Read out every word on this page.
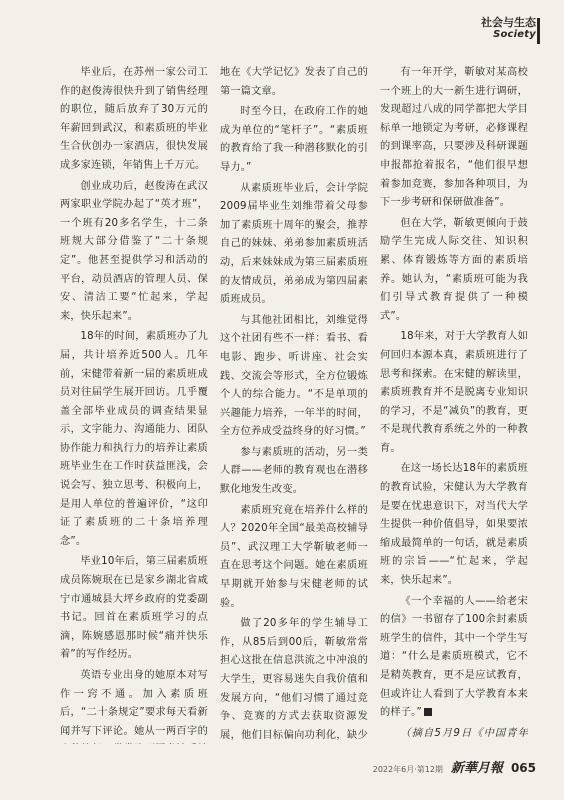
社会与生态
Society

毕业后，在苏州一家公司工作的赵俊涛很快升到了销售经理的职位，随后放弃了30万元的年薪回到武汉，和素质班的毕业生合伙创办一家酒店，很快发展成多家连锁，年销售上千万元。

创业成功后，赵俊涛在武汉两家职业学院办起了“英才班”，一个班有20多名学生，十二条班规大部分借鉴了“二十条规定”。他甚至提供学习和活动的平台，动员酒店的管理人员、保安、清洁工要“忙起来，学起来，快乐起来”。

18年的时间，素质班办了九届，共计培养近500人。几年前，宋健带着新一届的素质班成员对往届学生展开回访。几乎覆盖全部毕业成员的调查结果显示，文字能力、沟通能力、团队协作能力和执行力的培养让素质班毕业生在工作时获益匪浅，会说会写、独立思考、积极向上，是用人单位的普遍评价，“这印证了素质班的二十条培养理念”。

毕业10年后，第三届素质班成员陈婉珉在已是家乡湖北省咸宁市通城县大坪乡政府的党委副书记。回首在素质班学习的点滴，陈婉感恩那时候“痛并快乐着”的写作经历。

英语专业出身的她原本对写作一窍不通。加入素质班后，“二十条规定”要求每天看新闻并写下评论。她从一两百字的

地在《大学记忆》发表了自己的第一篇文章。

时至今日，在政府工作的她成为单位的“笔杆子”。“素质班的教育给了我一种潜移默化的引导力。”

从素质班毕业后，会计学院2009届毕业生刘维带着父母参加了素质班十周年的聚会，推荐自己的妹妹、弟弟参加素质班活动，后来妹妹成为第三届素质班的友情成员，弟弟成为第四届素质班成员。

与其他社团相比，刘维觉得这个社团有些不一样：看书、看电影、跑步、听讲座、社会实践、交流会等形式，全方位锻炼个人的综合能力。“不是单项的兴趣能力培养，一年半的时间，全方位养成受益终身的好习惯。”

参与素质班的活动，另一类人群——老师的教育观也在潜移默化地发生改变。

素质班究竟在培养什么样的人？2020年全国“最美高校辅导员”、武汉理工大学靳敏老师一直在思考这个问题。她在素质班早期就开始参与宋健老师的试验。

做了20多年的学生辅导工作，从85后到00后，靳敏常常担心这批在信息洪流之中冲浪的大学生，更容易迷失自我价值和发展方向，“他们习惯了通过竞争、竞赛的方式去获取资源发展，他们目标偏向功利化，缺少

有一年开学，靳敏对某高校一个班上的大一新生进行调研，发现超过八成的同学都把大学目标单一地锁定为考研，必修课程的到课率高，只要涉及科研课题申报都抢着报名，“他们很早想着参加竞赛，参加各种项目，为下一步考研和保研做准备”。

但在大学，靳敏更倾向于鼓励学生完成人际交往、知识积累、体育锻炼等方面的素质培养。她认为，“素质班可能为我们引导式教育提供了一种模式”。

18年来，对于大学教育人如何回归本源本真，素质班进行了思考和探索。在宋健的解读里，素质班教育并不是脱离专业知识的学习，不是“减负”的教育，更不是现代教育系统之外的一种教育。

在这一场长达18年的素质班的教育试验，宋健认为大学教育是要在忧患意识下，对当代大学生提供一种价值倡导，如果要浓缩成最简单的一句话，就是素质班的宗旨——“忙起来，学起来，快乐起来”。

《一个幸福的人——给老宋的信》一书留存了100余封素质班学生的信件，其中一个学生写道：“什么是素质班模式，它不是精英教育，更不是应试教育，但或许让人看到了大学教育本来的样子。”

（摘自5月9日《中国青年

2022年6月·第12期 新華月報 065
